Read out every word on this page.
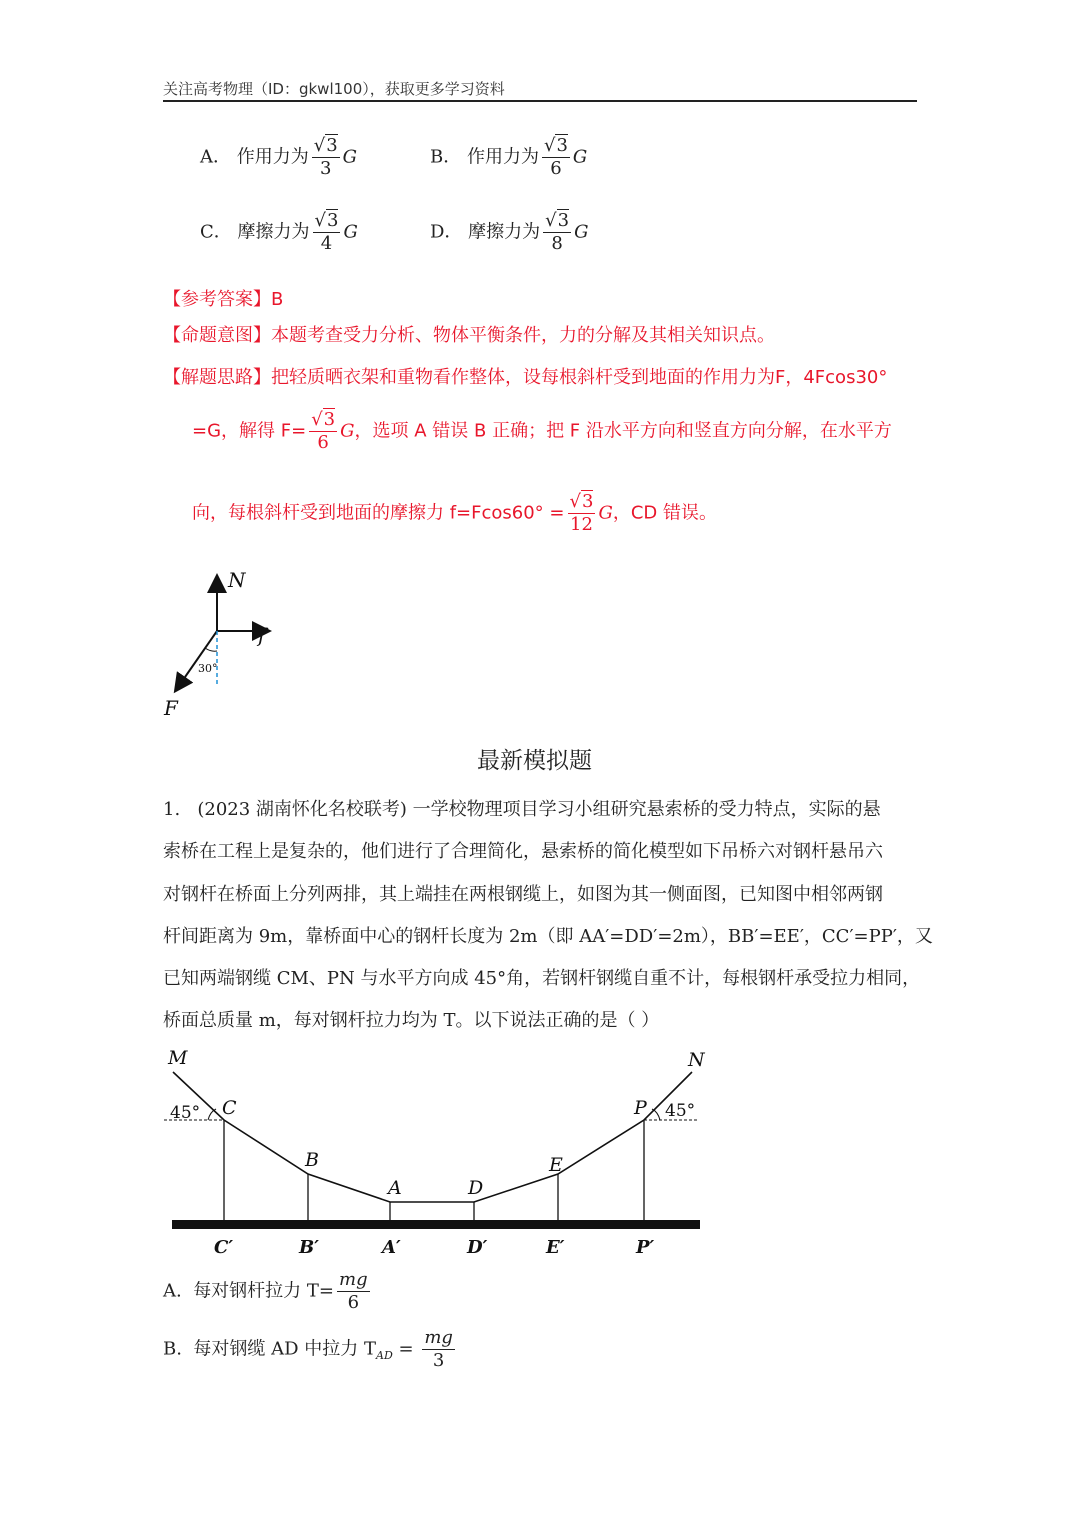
关注高考物理（ID：gkwl100），获取更多学习资料
A． 作用力为 $\frac{√3}{3}$ G	B． 作用力为 $\frac{√3}{6}$ G
C． 摩擦力为 $\frac{√3}{4}$ G	D． 摩擦力为 $\frac{√3}{8}$ G
【参考答案】B
【命题意图】本题考查受力分析、物体平衡条件，力的分解及其相关知识点。
【解题思路】把轻质晒衣架和重物看作整体，设每根斜杆受到地面的作用力为F，4Fcos30°
=G，解得 $F= \frac{√3}{6}$ G，选项 A 错误 B 正确；把 F 沿水平方向和竖直方向分解，在水平方
向，每根斜杆受到地面的摩擦力 $f=Fcos60^\circ = \frac{√3}{12}$ G，CD 错误。
N
f
F
30°
最新模拟题
1. (2023 湖南怀化名校联考) 一学校物理项目学习小组研究悬索桥的受力特点，实际的悬
索桥在工程上是复杂的，他们进行了合理简化，悬索桥的简化模型如下吊桥六对钢杆悬吊六
对钢杆在桥面上分列两排，其上端挂在两根钢缆上，如图为其一侧面图，已知图中相邻两钢
杆间距离为 9m，靠桥面中心的钢杆长度为 2m（即 AA′=DD′=2m），BB′=EE′，CC′=PP′，又
已知两端钢缆 CM、PN 与水平方向成 45°角，若钢杆钢缆自重不计，每根钢杆承受拉力相同，
桥面总质量 m，每对钢杆拉力均为 T。以下说法正确的是（ ）
M
C
B
A	D
E
P
N
45°	45°
C′	B′	A′	D′	E′	P′
A. 每对钢杆拉力 $T= \frac{mg}{6}$
B. 每对钢缆 AD 中拉力 $T_{AD} = \frac{mg}{3}$
